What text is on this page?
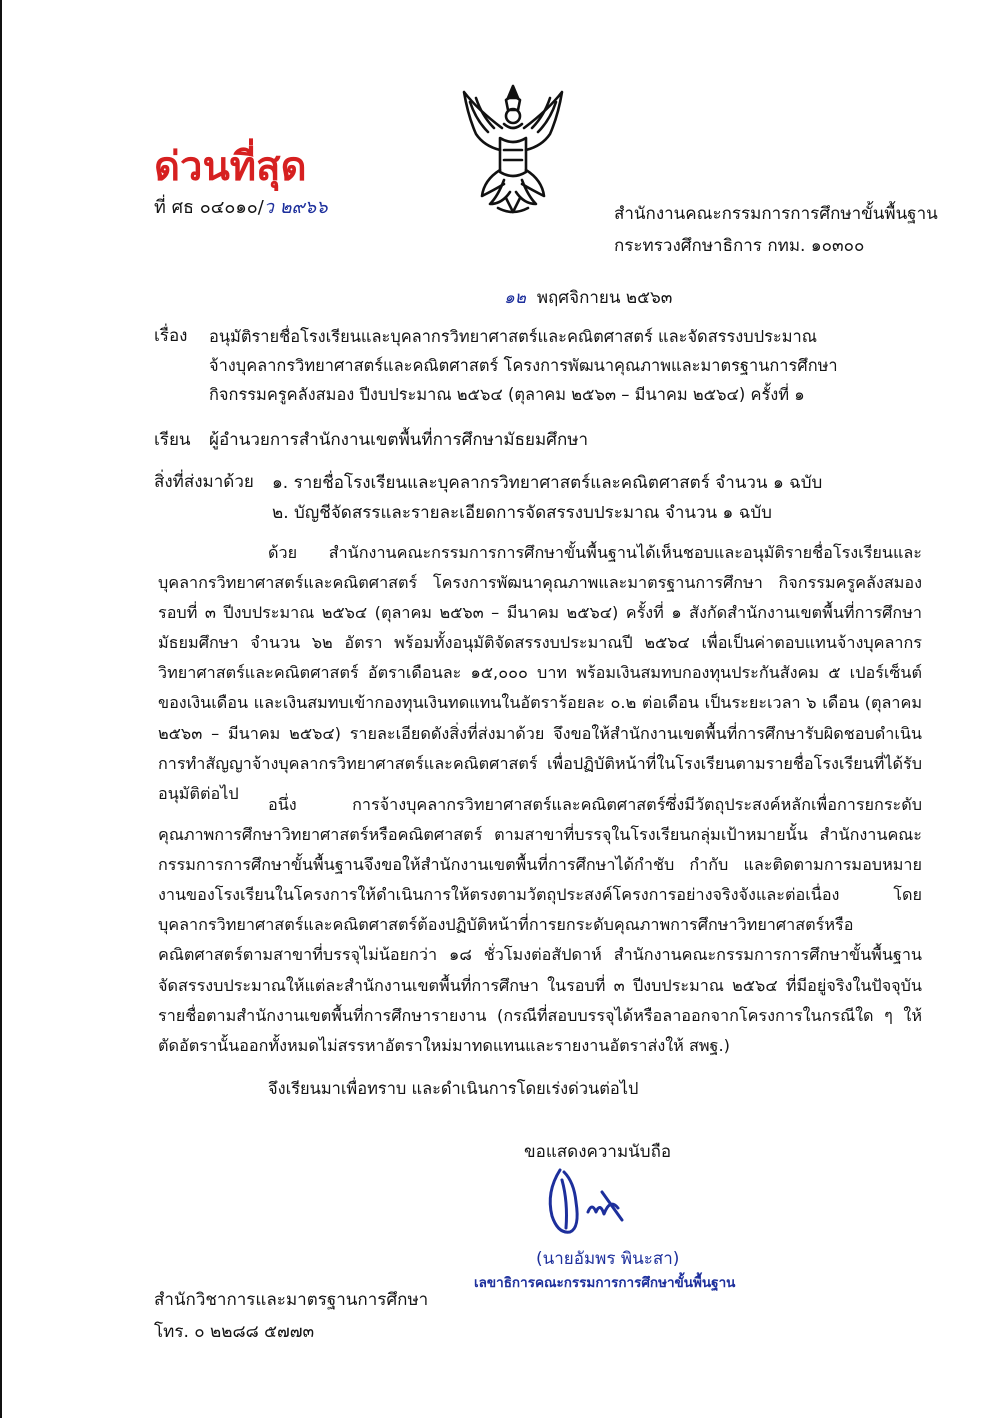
ด่วนที่สุด
ที่ ศธ ๐๔๐๑๐/ว ๒๙๖๖	สำนักงานคณะกรรมการการศึกษาขั้นพื้นฐาน
กระทรวงศึกษาธิการ กทม. ๑๐๓๐๐
๑๒ พฤศจิกายน ๒๕๖๓
เรื่อง อนุมัติรายชื่อโรงเรียนและบุคลากรวิทยาศาสตร์และคณิตศาสตร์ และจัดสรรงบประมาณ
จ้างบุคลากรวิทยาศาสตร์และคณิตศาสตร์ โครงการพัฒนาคุณภาพและมาตรฐานการศึกษา
กิจกรรมครูคลังสมอง ปีงบประมาณ ๒๕๖๔ (ตุลาคม ๒๕๖๓ – มีนาคม ๒๕๖๔) ครั้งที่ ๑
เรียน ผู้อำนวยการสำนักงานเขตพื้นที่การศึกษามัธยมศึกษา
สิ่งที่ส่งมาด้วย ๑. รายชื่อโรงเรียนและบุคลากรวิทยาศาสตร์และคณิตศาสตร์ จำนวน ๑ ฉบับ
๒. บัญชีจัดสรรและรายละเอียดการจัดสรรงบประมาณ จำนวน ๑ ฉบับ
ด้วย สำนักงานคณะกรรมการการศึกษาขั้นพื้นฐานได้เห็นชอบและอนุมัติรายชื่อโรงเรียนและบุคลากรวิทยาศาสตร์และคณิตศาสตร์ โครงการพัฒนาคุณภาพและมาตรฐานการศึกษา กิจกรรมครูคลังสมอง รอบที่ ๓ ปีงบประมาณ ๒๕๖๔ (ตุลาคม ๒๕๖๓ – มีนาคม ๒๕๖๔) ครั้งที่ ๑ สังกัดสำนักงานเขตพื้นที่การศึกษามัธยมศึกษา จำนวน ๖๒ อัตรา พร้อมทั้งอนุมัติจัดสรรงบประมาณปี ๒๕๖๔ เพื่อเป็นค่าตอบแทนจ้างบุคลากรวิทยาศาสตร์และคณิตศาสตร์ อัตราเดือนละ ๑๕,๐๐๐ บาท พร้อมเงินสมทบกองทุนประกันสังคม ๕ เปอร์เซ็นต์ของเงินเดือน และเงินสมทบเข้ากองทุนเงินทดแทนในอัตราร้อยละ ๐.๒ ต่อเดือน เป็นระยะเวลา ๖ เดือน (ตุลาคม ๒๕๖๓ – มีนาคม ๒๕๖๔) รายละเอียดดังสิ่งที่ส่งมาด้วย จึงขอให้สำนักงานเขตพื้นที่การศึกษารับผิดชอบดำเนินการทำสัญญาจ้างบุคลากรวิทยาศาสตร์และคณิตศาสตร์ เพื่อปฏิบัติหน้าที่ในโรงเรียนตามรายชื่อโรงเรียนที่ได้รับอนุมัติต่อไป
อนึ่ง การจ้างบุคลากรวิทยาศาสตร์และคณิตศาสตร์ซึ่งมีวัตถุประสงค์หลักเพื่อการยกระดับคุณภาพการศึกษาวิทยาศาสตร์หรือคณิตศาสตร์ ตามสาขาที่บรรจุในโรงเรียนกลุ่มเป้าหมายนั้น สำนักงานคณะกรรมการการศึกษาขั้นพื้นฐานจึงขอให้สำนักงานเขตพื้นที่การศึกษาได้กำชับ กำกับ และติดตามการมอบหมายงานของโรงเรียนในโครงการให้ดำเนินการให้ตรงตามวัตถุประสงค์โครงการอย่างจริงจังและต่อเนื่อง โดยบุคลากรวิทยาศาสตร์และคณิตศาสตร์ต้องปฏิบัติหน้าที่การยกระดับคุณภาพการศึกษาวิทยาศาสตร์หรือคณิตศาสตร์ตามสาขาที่บรรจุไม่น้อยกว่า ๑๘ ชั่วโมงต่อสัปดาห์ สำนักงานคณะกรรมการการศึกษาขั้นพื้นฐาน จัดสรรงบประมาณให้แต่ละสำนักงานเขตพื้นที่การศึกษา ในรอบที่ ๓ ปีงบประมาณ ๒๕๖๔ ที่มีอยู่จริงในปัจจุบัน รายชื่อตามสำนักงานเขตพื้นที่การศึกษารายงาน (กรณีที่สอบบรรจุได้หรือลาออกจากโครงการในกรณีใด ๆ ให้ตัดอัตรานั้นออกทั้งหมดไม่สรรหาอัตราใหม่มาทดแทนและรายงานอัตราส่งให้ สพฐ.)
จึงเรียนมาเพื่อทราบ และดำเนินการโดยเร่งด่วนต่อไป
ขอแสดงความนับถือ
(นายอัมพร พินะสา)
เลขาธิการคณะกรรมการการศึกษาขั้นพื้นฐาน
สำนักวิชาการและมาตรฐานการศึกษา
โทร. ๐ ๒๒๘๘ ๕๗๗๓
